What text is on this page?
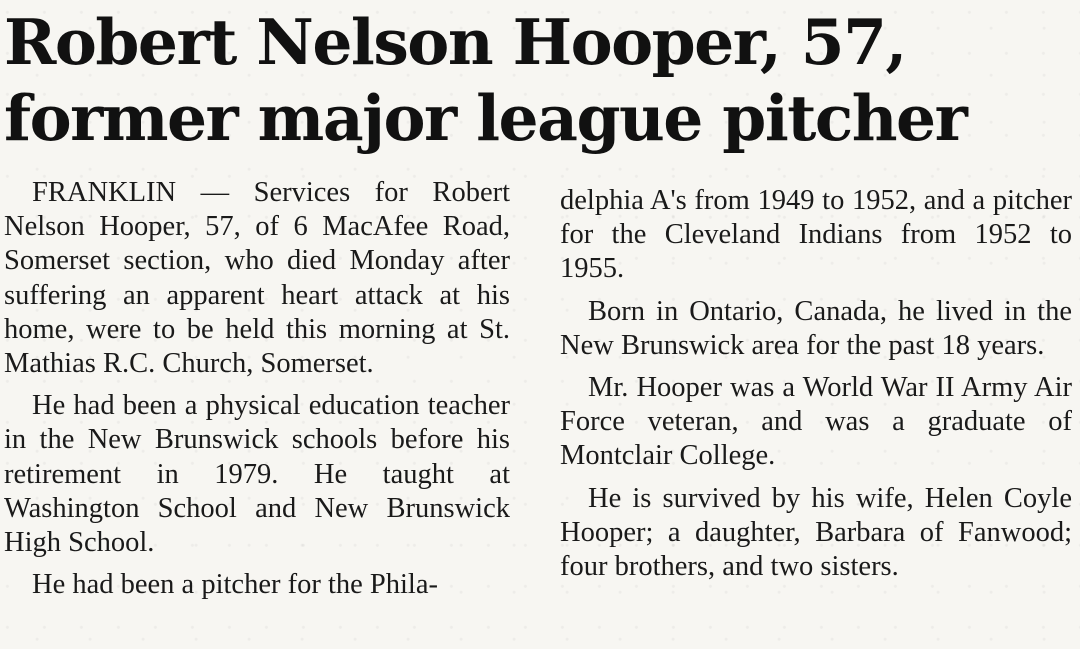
Robert Nelson Hooper, 57,
former major league pitcher

FRANKLIN — Services for Robert Nelson Hooper, 57, of 6 MacAfee Road, Somerset section, who died Monday after suffering an apparent heart attack at his home, were to be held this morning at St. Mathias R.C. Church, Somerset.

He had been a physical education teacher in the New Brunswick schools before his retirement in 1979. He taught at Washington School and New Brunswick High School.

He had been a pitcher for the Phila-

delphia A's from 1949 to 1952, and a pitcher for the Cleveland Indians from 1952 to 1955.

Born in Ontario, Canada, he lived in the New Brunswick area for the past 18 years.

Mr. Hooper was a World War II Army Air Force veteran, and was a graduate of Montclair College.

He is survived by his wife, Helen Coyle Hooper; a daughter, Barbara of Fanwood; four brothers, and two sisters.
